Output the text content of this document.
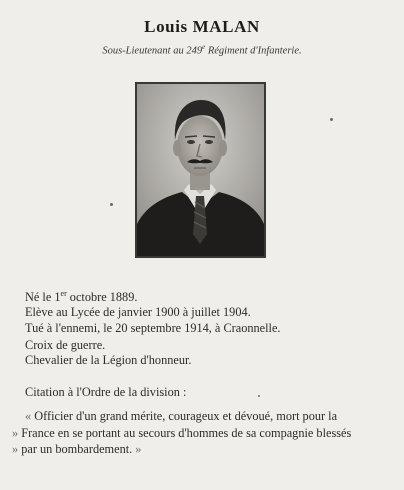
Louis MALAN
Sous-Lieutenant au 249e Régiment d'Infanterie.
Né le 1er octobre 1889.
Elève au Lycée de janvier 1900 à juillet 1904.
Tué à l'ennemi, le 20 septembre 1914, à Craonnelle.
Croix de guerre.
Chevalier de la Légion d'honneur.
Citation à l'Ordre de la division :
« Officier d'un grand mérite, courageux et dévoué, mort pour la
» France en se portant au secours d'hommes de sa compagnie blessés
» par un bombardement. »
